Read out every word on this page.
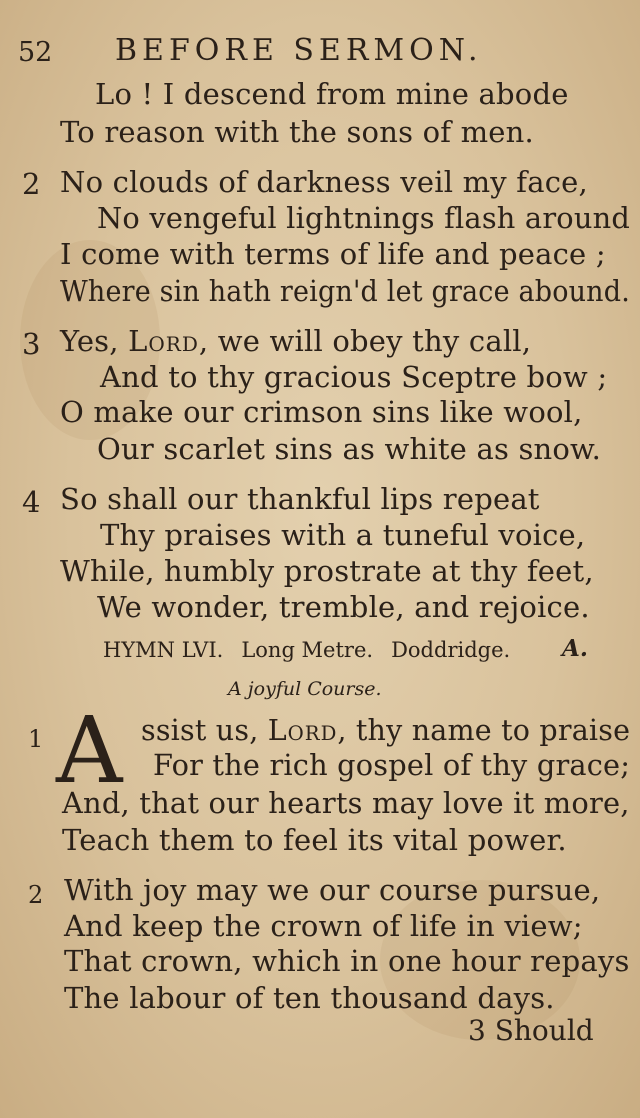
52 BEFORE SERMON.
Lo ! I descend from mine abode
To reason with the sons of men.
2 No clouds of darkness veil my face,
No vengeful lightnings flash around
I come with terms of life and peace ;
Where sin hath reign'd let grace abound.
3 Yes, Lord, we will obey thy call,
And to thy gracious Sceptre bow ;
O make our crimson sins like wool,
Our scarlet sins as white as snow.
4 So shall our thankful lips repeat
Thy praises with a tuneful voice,
While, humbly prostrate at thy feet,
We wonder, tremble, and rejoice.
HYMN LVI. Long Metre. Doddridge.	A.
A joyful Course.
1 A ssist us, Lord, thy name to praise
For the rich gospel of thy grace;
And, that our hearts may love it more,
Teach them to feel its vital power.
2 With joy may we our course pursue,
And keep the crown of life in view;
That crown, which in one hour repays
The labour of ten thousand days.
3 Should
